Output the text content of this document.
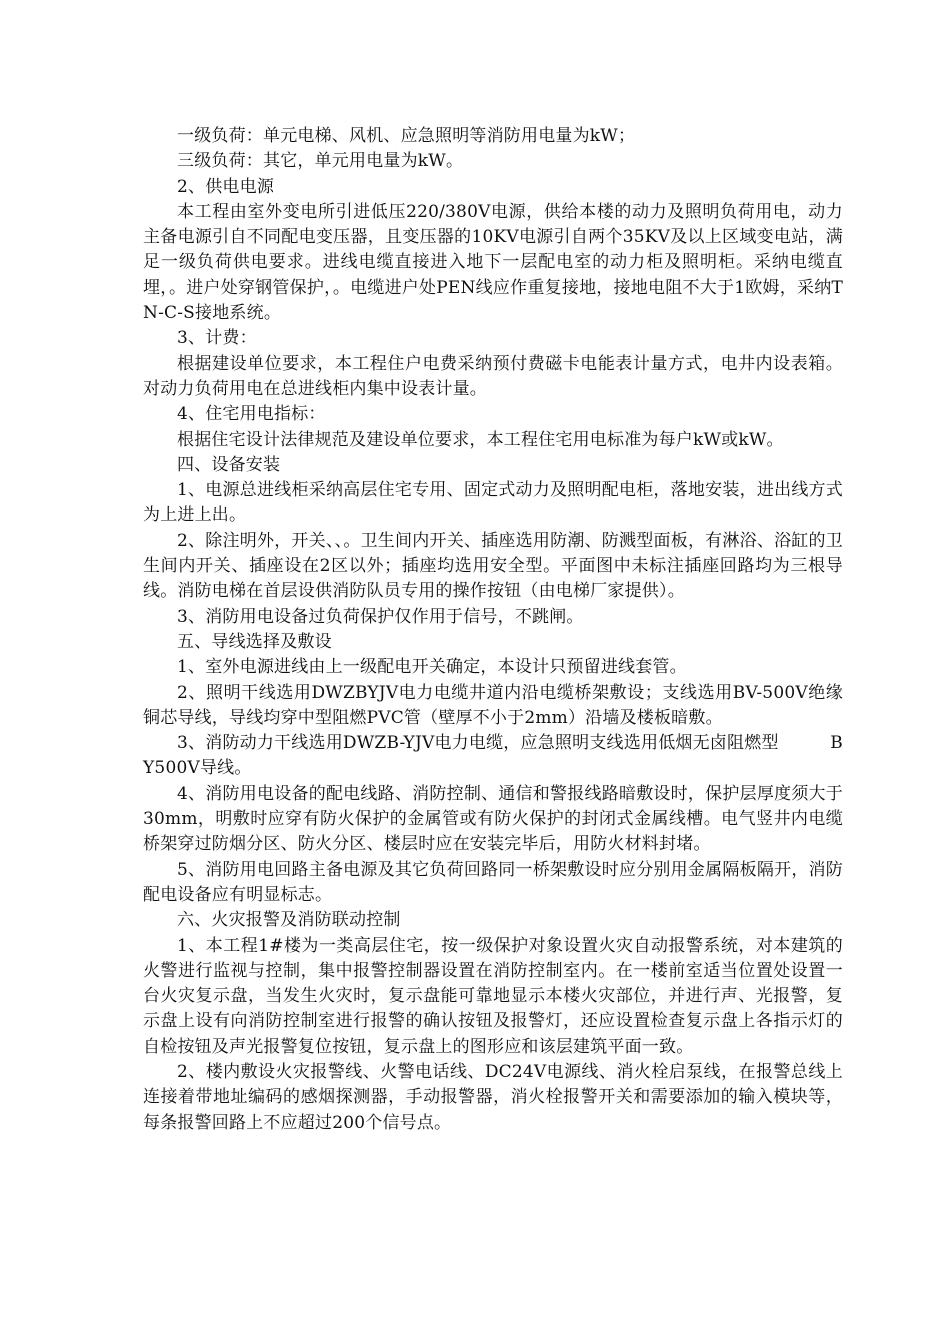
一级负荷：单元电梯、风机、应急照明等消防用电量为kW；

三级负荷：其它，单元用电量为kW。

2、供电电源

本工程由室外变电所引进低压220/380V电源，供给本楼的动力及照明负荷用电，动力主备电源引自不同配电变压器，且变压器的10KV电源引自两个35KV及以上区域变电站，满足一级负荷供电要求。进线电缆直接进入地下一层配电室的动力柜及照明柜。采纳电缆直埋，。进户处穿钢管保护，。电缆进户处PEN线应作重复接地，接地电阻不大于1欧姆，采纳TN-C-S接地系统。

3、计费：

根据建设单位要求，本工程住户电费采纳预付费磁卡电能表计量方式，电井内设表箱。对动力负荷用电在总进线柜内集中设表计量。

4、住宅用电指标：

根据住宅设计法律规范及建设单位要求，本工程住宅用电标准为每户kW或kW。

四、设备安装

1、电源总进线柜采纳高层住宅专用、固定式动力及照明配电柜，落地安装，进出线方式为上进上出。

2、除注明外，开关、、。卫生间内开关、插座选用防潮、防溅型面板，有淋浴、浴缸的卫生间内开关、插座设在2区以外；插座均选用安全型。平面图中未标注插座回路均为三根导线。消防电梯在首层设供消防队员专用的操作按钮（由电梯厂家提供）。

3、消防用电设备过负荷保护仅作用于信号，不跳闸。

五、导线选择及敷设

1、室外电源进线由上一级配电开关确定，本设计只预留进线套管。

2、照明干线选用DWZBYJV电力电缆井道内沿电缆桥架敷设；支线选用BV-500V绝缘铜芯导线，导线均穿中型阻燃PVC管（壁厚不小于2mm）沿墙及楼板暗敷。

3、消防动力干线选用DWZB-YJV电力电缆，应急照明支线选用低烟无卤阻燃型　　　BY500V导线。

4、消防用电设备的配电线路、消防控制、通信和警报线路暗敷设时，保护层厚度须大于30mm，明敷时应穿有防火保护的金属管或有防火保护的封闭式金属线槽。电气竖井内电缆桥架穿过防烟分区、防火分区、楼层时应在安装完毕后，用防火材料封堵。

5、消防用电回路主备电源及其它负荷回路同一桥架敷设时应分别用金属隔板隔开，消防配电设备应有明显标志。

六、火灾报警及消防联动控制

1、本工程1#楼为一类高层住宅，按一级保护对象设置火灾自动报警系统，对本建筑的火警进行监视与控制，集中报警控制器设置在消防控制室内。在一楼前室适当位置处设置一台火灾复示盘，当发生火灾时，复示盘能可靠地显示本楼火灾部位，并进行声、光报警，复示盘上设有向消防控制室进行报警的确认按钮及报警灯，还应设置检查复示盘上各指示灯的自检按钮及声光报警复位按钮，复示盘上的图形应和该层建筑平面一致。

2、楼内敷设火灾报警线、火警电话线、DC24V电源线、消火栓启泵线，在报警总线上连接着带地址编码的感烟探测器，手动报警器，消火栓报警开关和需要添加的输入模块等，每条报警回路上不应超过200个信号点。
